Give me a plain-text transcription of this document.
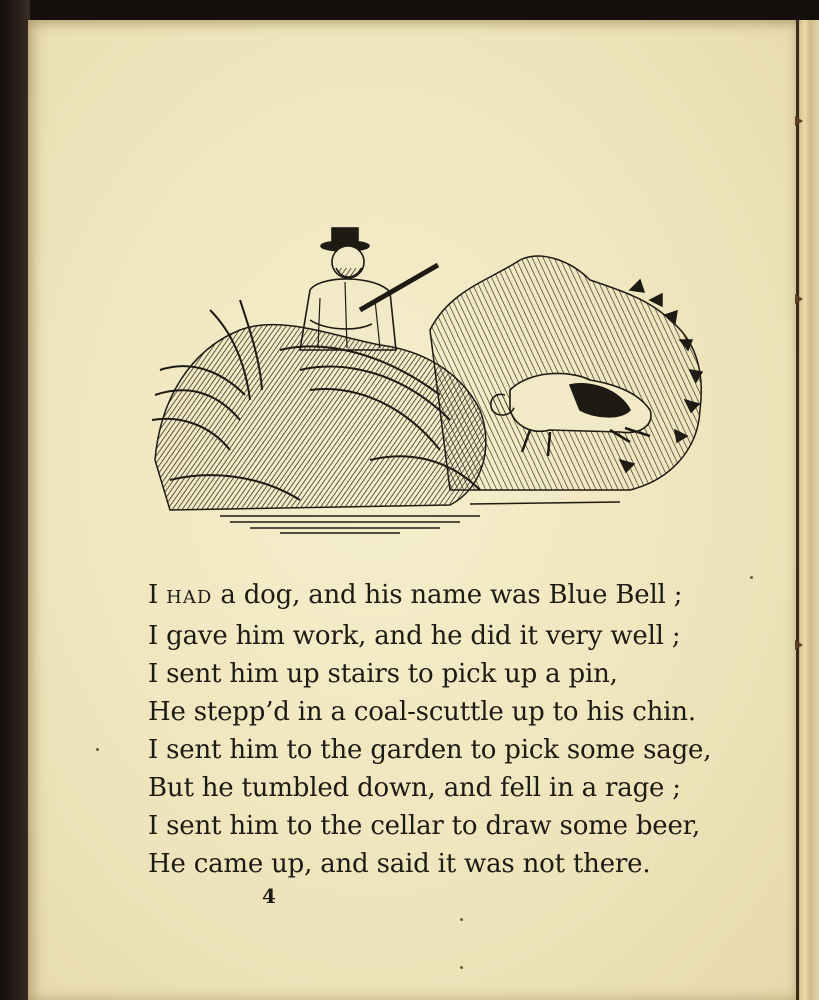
I HAD a dog, and his name was Blue Bell ;
I gave him work, and he did it very well ;
I sent him up stairs to pick up a pin,
He stepp’d in a coal-scuttle up to his chin.
I sent him to the garden to pick some sage,
But he tumbled down, and fell in a rage ;
I sent him to the cellar to draw some beer,
He came up, and said it was not there.
4
